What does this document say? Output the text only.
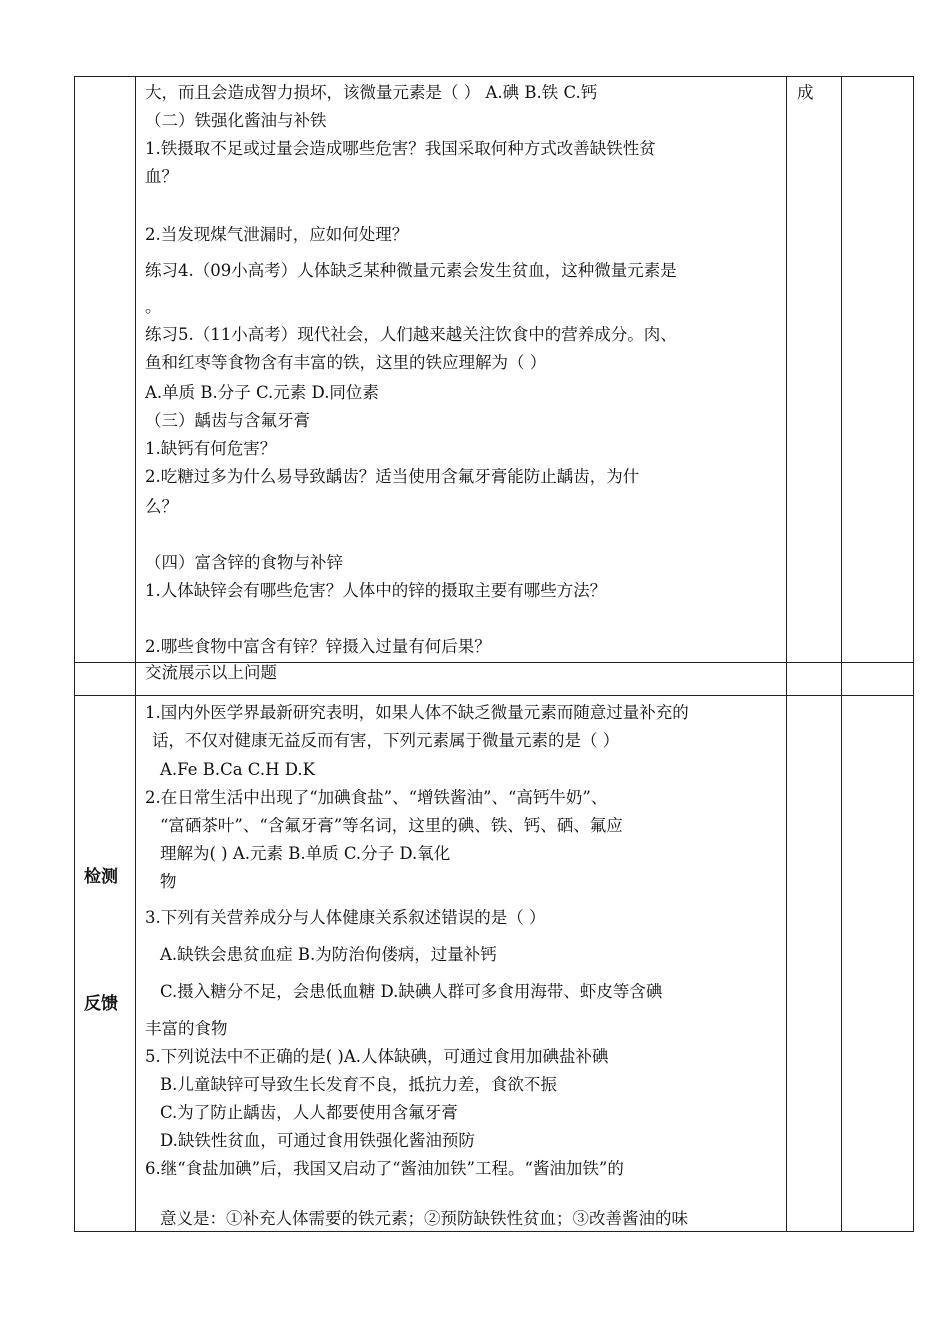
大，而且会造成智力损坏，该微量元素是（ ） A.碘 B.铁 C.钙
（二）铁强化酱油与补铁
1.铁摄取不足或过量会造成哪些危害？我国采取何种方式改善缺铁性贫
血？
2.当发现煤气泄漏时，应如何处理？
练习4.（09小高考）人体缺乏某种微量元素会发生贫血，这种微量元素是
。
练习5.（11小高考）现代社会，人们越来越关注饮食中的营养成分。肉、
鱼和红枣等食物含有丰富的铁，这里的铁应理解为（ ）
A.单质 B.分子 C.元素 D.同位素
（三）龋齿与含氟牙膏
1.缺钙有何危害？
2.吃糖过多为什么易导致龋齿？适当使用含氟牙膏能防止龋齿，为什
么？
（四）富含锌的食物与补锌
1.人体缺锌会有哪些危害？人体中的锌的摄取主要有哪些方法？
2.哪些食物中富含有锌？锌摄入过量有何后果？
成
交流展示以上问题
检测
反馈
1.国内外医学界最新研究表明，如果人体不缺乏微量元素而随意过量补充的
话，不仅对健康无益反而有害，下列元素属于微量元素的是（ ）
A.Fe B.Ca C.H D.K
2.在日常生活中出现了“加碘食盐”、“增铁酱油”、“高钙牛奶”、
“富硒茶叶”、“含氟牙膏”等名词，这里的碘、铁、钙、硒、氟应
理解为( ) A.元素 B.单质 C.分子 D.氧化
物
3.下列有关营养成分与人体健康关系叙述错误的是（ ）
A.缺铁会患贫血症 B.为防治佝偻病，过量补钙
C.摄入糖分不足，会患低血糖 D.缺碘人群可多食用海带、虾皮等含碘
丰富的食物
5.下列说法中不正确的是( )A.人体缺碘，可通过食用加碘盐补碘
B.儿童缺锌可导致生长发育不良，抵抗力差，食欲不振
C.为了防止龋齿，人人都要使用含氟牙膏
D.缺铁性贫血，可通过食用铁强化酱油预防
6.继“食盐加碘”后，我国又启动了“酱油加铁”工程。“酱油加铁”的
意义是：①补充人体需要的铁元素；②预防缺铁性贫血；③改善酱油的味
